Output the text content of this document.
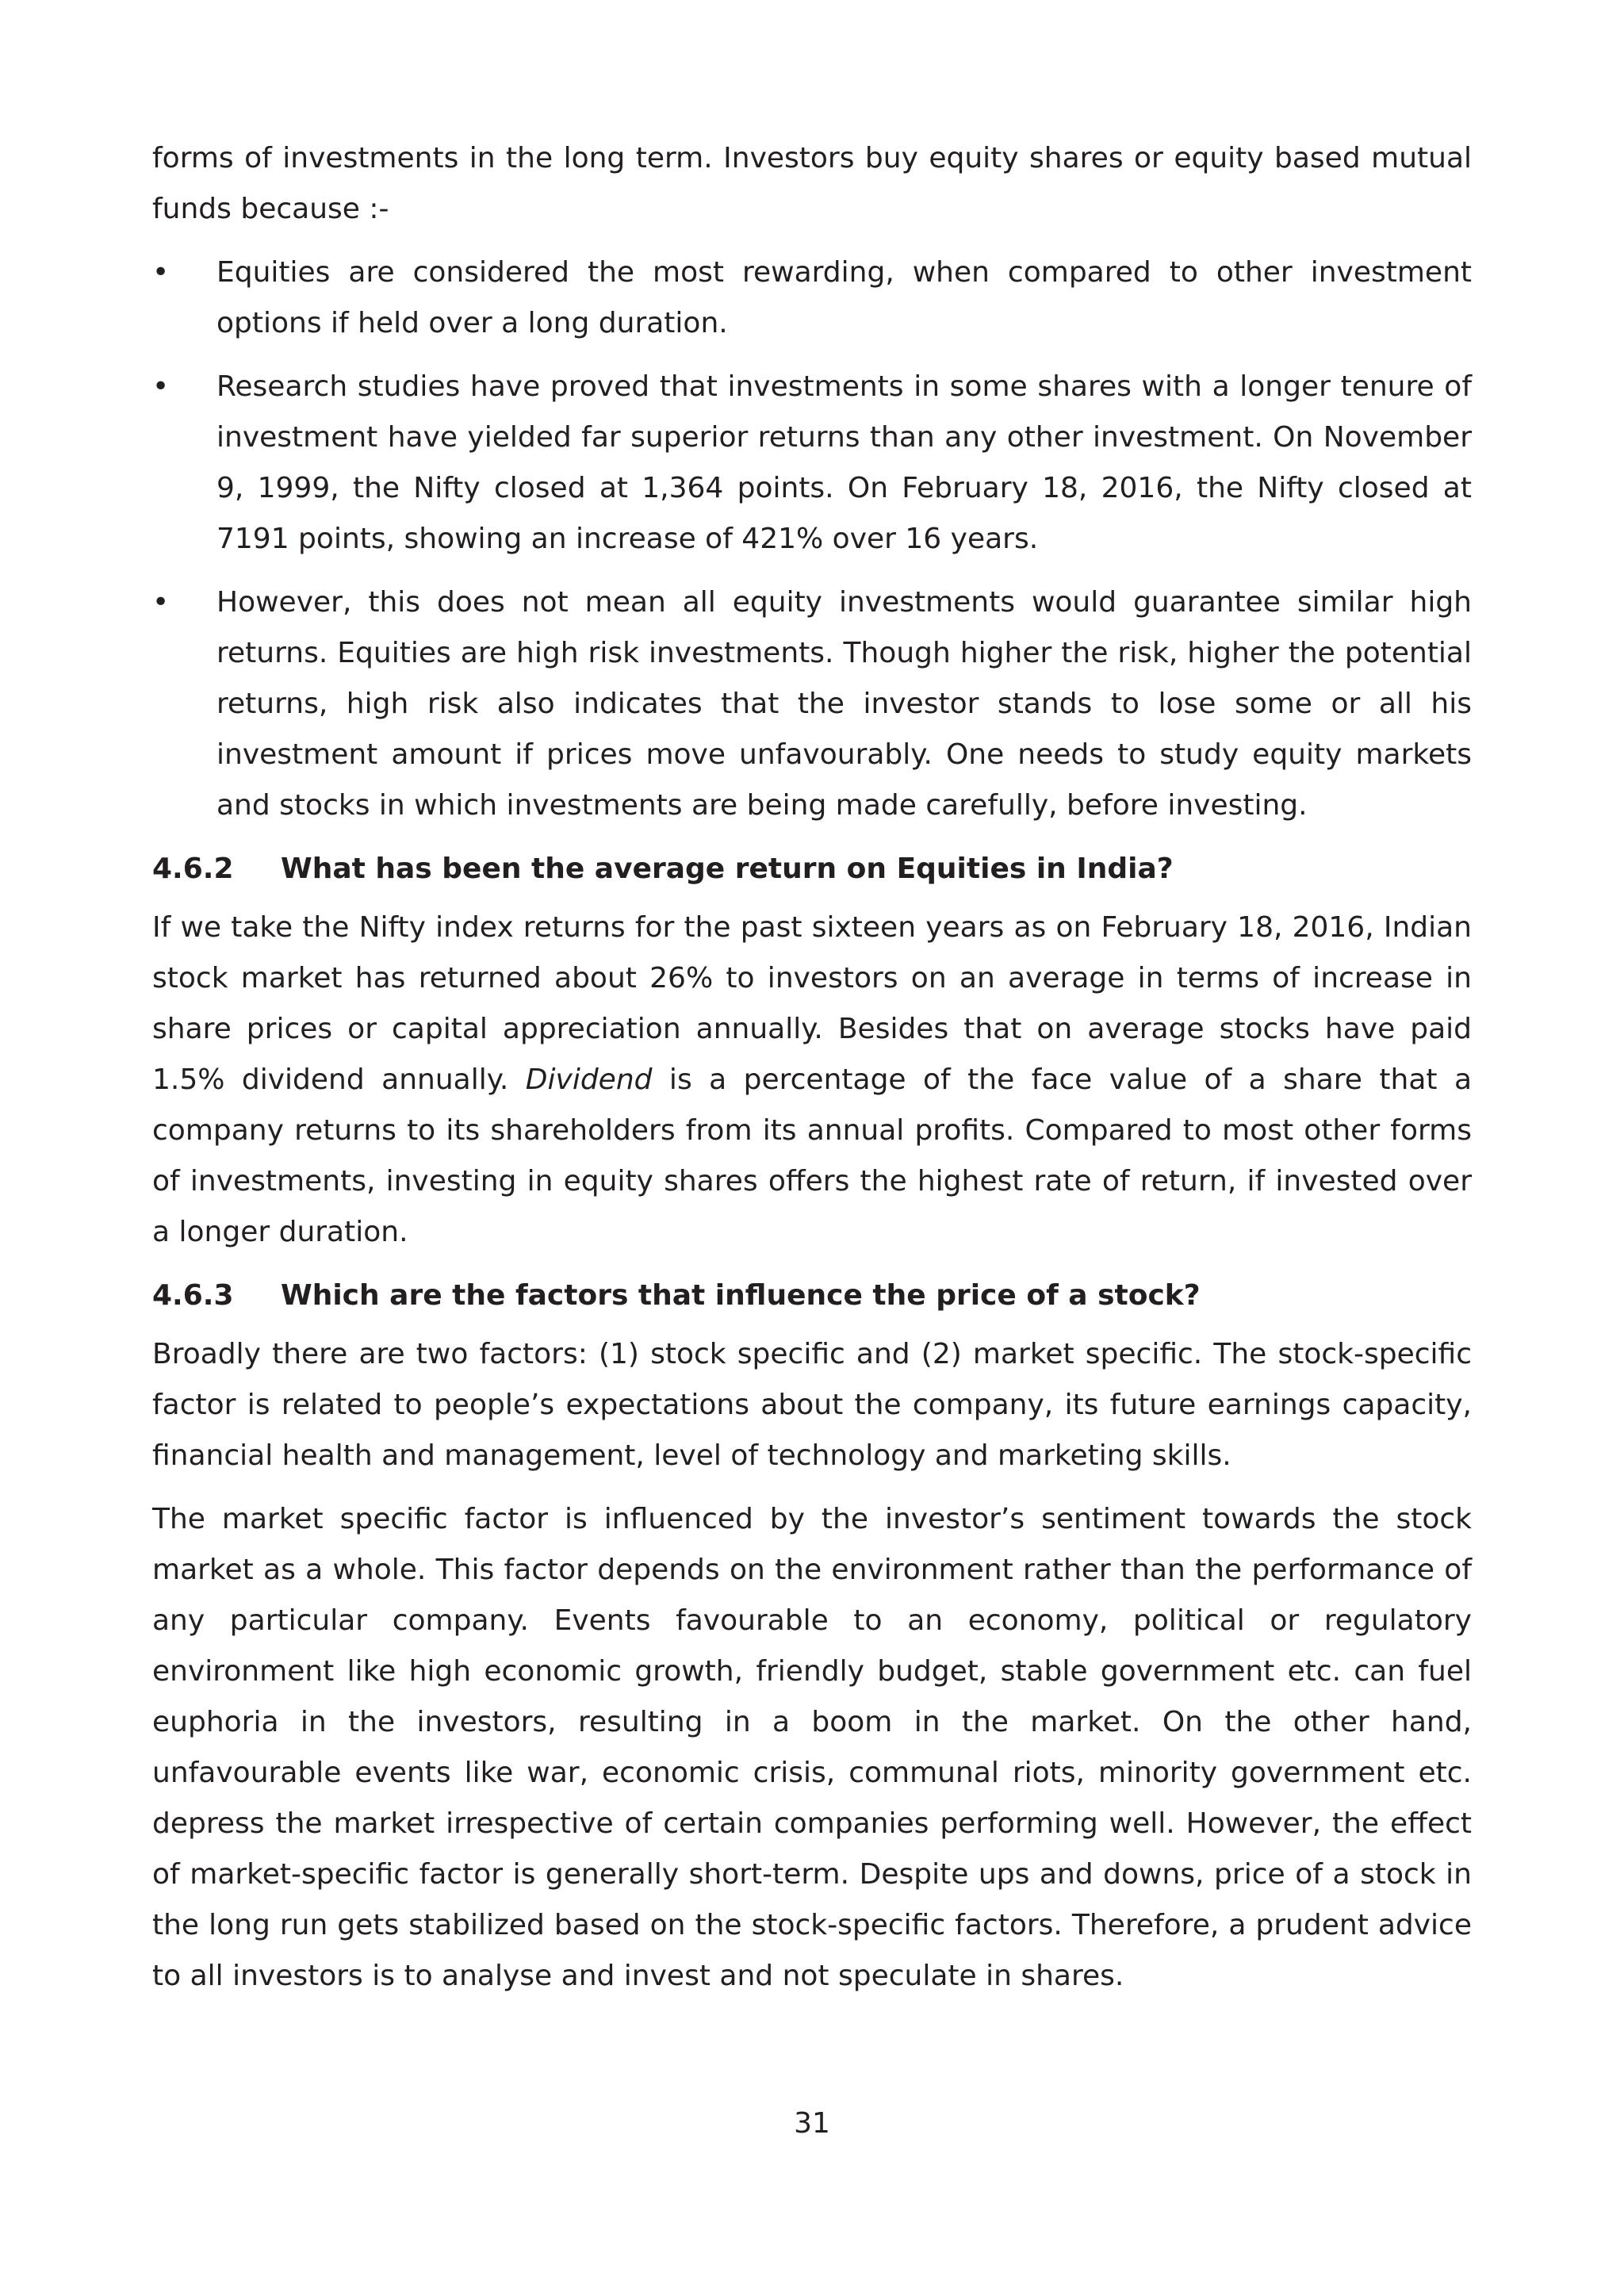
forms of investments in the long term. Investors buy equity shares or equity based mutual funds because :-

• Equities are considered the most rewarding, when compared to other investment options if held over a long duration.
• Research studies have proved that investments in some shares with a longer tenure of investment have yielded far superior returns than any other investment. On November 9, 1999, the Nifty closed at 1,364 points. On February 18, 2016, the Nifty closed at 7191 points, showing an increase of 421% over 16 years.
• However, this does not mean all equity investments would guarantee similar high returns. Equities are high risk investments. Though higher the risk, higher the potential returns, high risk also indicates that the investor stands to lose some or all his investment amount if prices move unfavourably. One needs to study equity markets and stocks in which investments are being made carefully, before investing.
4.6.2	What has been the average return on Equities in India?

If we take the Nifty index returns for the past sixteen years as on February 18, 2016, Indian stock market has returned about 26% to investors on an average in terms of increase in share prices or capital appreciation annually. Besides that on average stocks have paid 1.5% dividend annually. Dividend is a percentage of the face value of a share that a company returns to its shareholders from its annual profits. Compared to most other forms of investments, investing in equity shares offers the highest rate of return, if invested over a longer duration.

4.6.3	Which are the factors that influence the price of a stock?

Broadly there are two factors: (1) stock specific and (2) market specific. The stock-specific factor is related to people’s expectations about the company, its future earnings capacity, financial health and management, level of technology and marketing skills.

The market specific factor is influenced by the investor’s sentiment towards the stock market as a whole. This factor depends on the environment rather than the performance of any particular company. Events favourable to an economy, political or regulatory environment like high economic growth, friendly budget, stable government etc. can fuel euphoria in the investors, resulting in a boom in the market. On the other hand, unfavourable events like war, economic crisis, communal riots, minority government etc. depress the market irrespective of certain companies performing well. However, the effect of market-specific factor is generally short-term. Despite ups and downs, price of a stock in the long run gets stabilized based on the stock-specific factors. Therefore, a prudent advice to all investors is to analyse and invest and not speculate in shares.

31
